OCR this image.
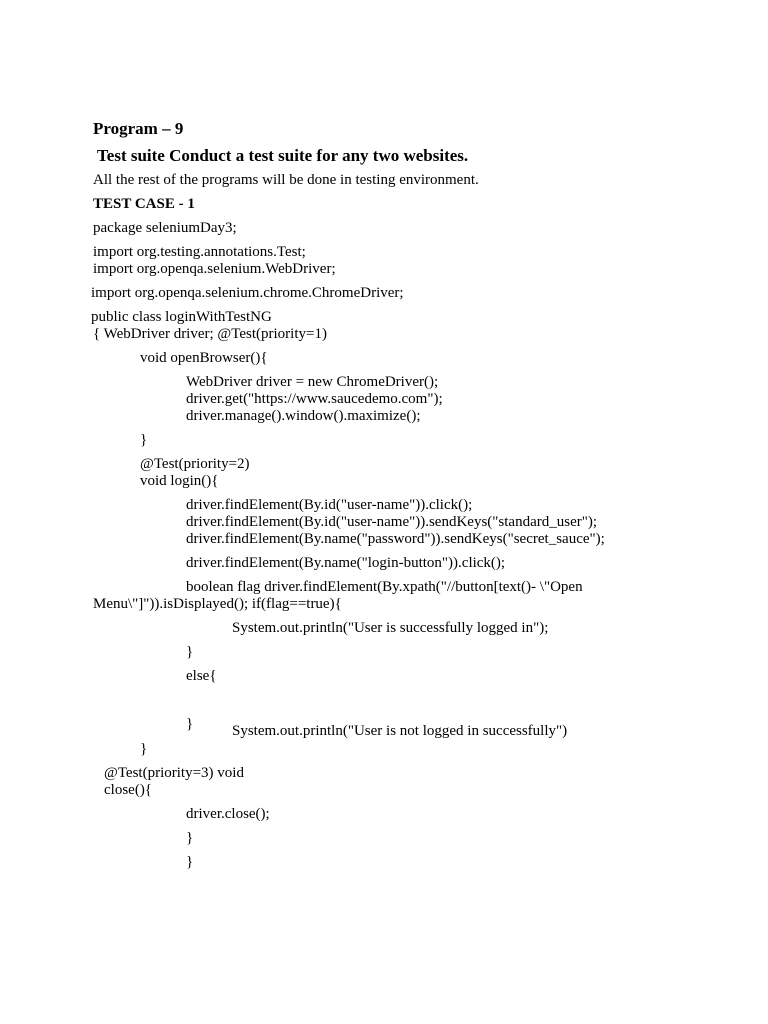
Program – 9
Test suite Conduct a test suite for any two websites.
All the rest of the programs will be done in testing environment.
TEST CASE - 1
package seleniumDay3;
import org.testing.annotations.Test;
import org.openqa.selenium.WebDriver;
import org.openqa.selenium.chrome.ChromeDriver;
public class loginWithTestNG
{ WebDriver driver; @Test(priority=1)
void openBrowser(){
WebDriver driver = new ChromeDriver();
driver.get("https://www.saucedemo.com");
driver.manage().window().maximize();
}
@Test(priority=2)
void login(){
driver.findElement(By.id("user-name")).click();
driver.findElement(By.id("user-name")).sendKeys("standard_user");
driver.findElement(By.name("password")).sendKeys("secret_sauce");
driver.findElement(By.name("login-button")).click();
boolean flag driver.findElement(By.xpath("//button[text()- \"Open
Menu\"]")).isDisplayed(); if(flag==true){
System.out.println("User is successfully logged in");
}
else{
}	System.out.println("User is not logged in successfully")
}
@Test(priority=3) void
close(){
driver.close();
}
}
